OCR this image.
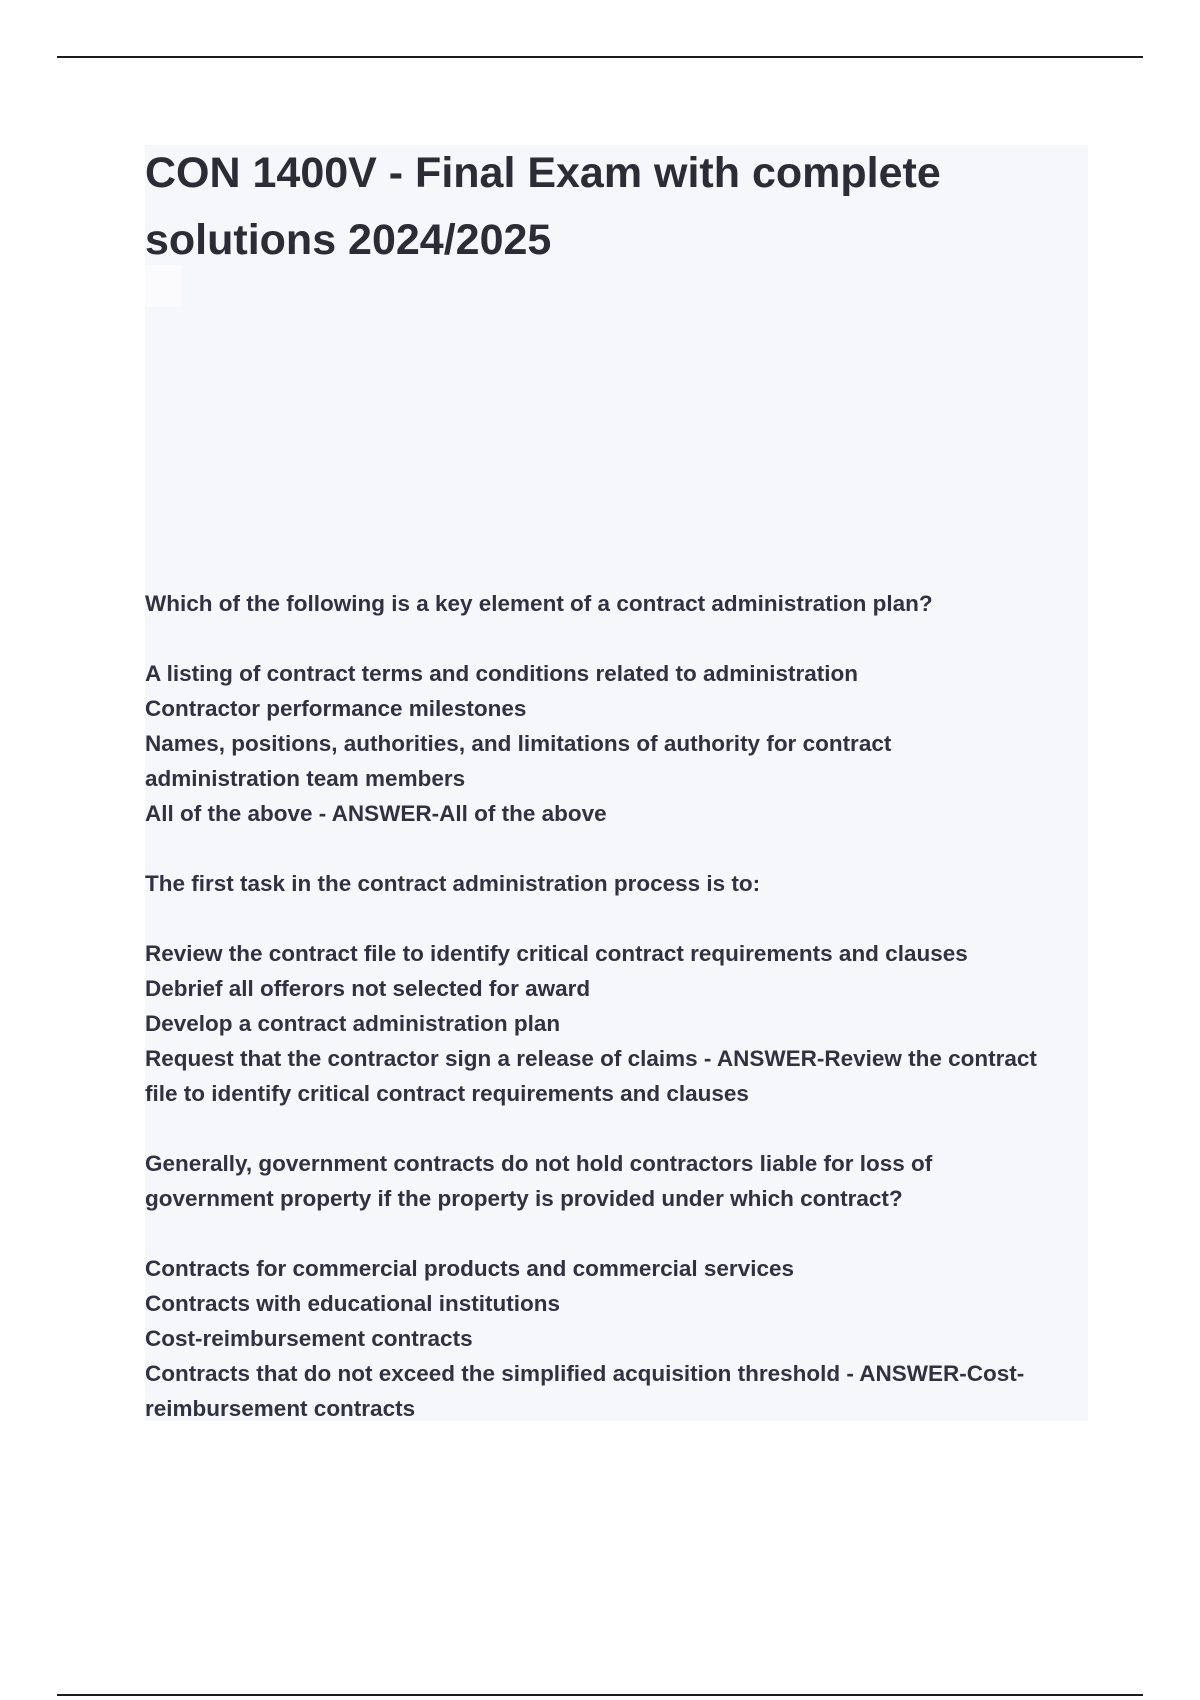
CON 1400V - Final Exam with complete solutions 2024/2025

Which of the following is a key element of a contract administration plan?

A listing of contract terms and conditions related to administration

Contractor performance milestones

Names, positions, authorities, and limitations of authority for contract administration team members

All of the above - ANSWER-All of the above

The first task in the contract administration process is to:

Review the contract file to identify critical contract requirements and clauses

Debrief all offerors not selected for award

Develop a contract administration plan

Request that the contractor sign a release of claims - ANSWER-Review the contract file to identify critical contract requirements and clauses

Generally, government contracts do not hold contractors liable for loss of government property if the property is provided under which contract?

Contracts for commercial products and commercial services

Contracts with educational institutions

Cost-reimbursement contracts

Contracts that do not exceed the simplified acquisition threshold - ANSWER-Cost-reimbursement contracts
